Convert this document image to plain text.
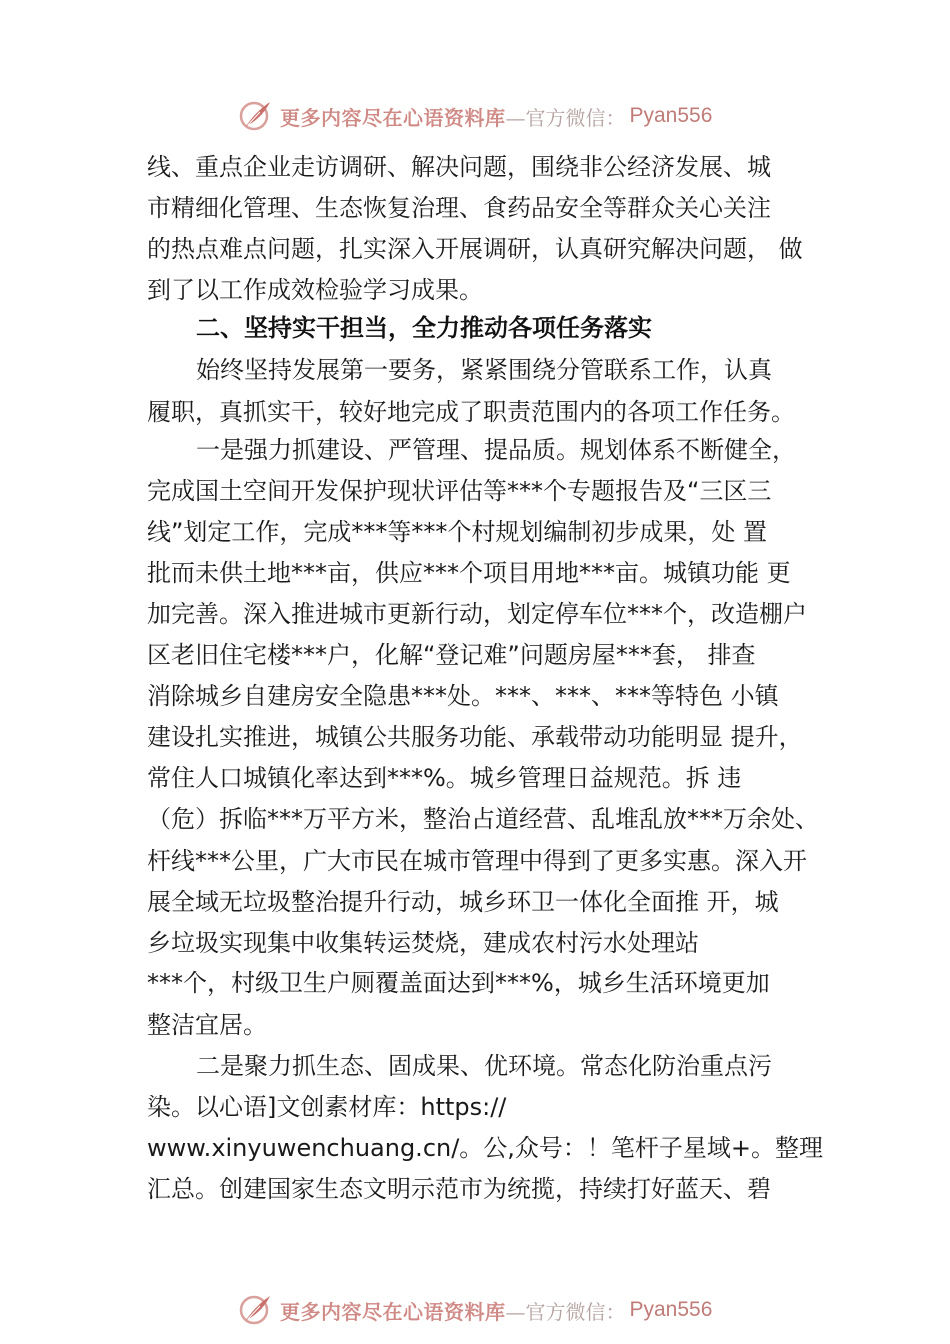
更多内容尽在心语资料库 —官方微信： Pyan556
线、重点企业走访调研、解决问题，围绕非公经济发展、城
市精细化管理、生态恢复治理、食药品安全等群众关心关注
的热点难点问题，扎实深入开展调研，认真研究解决问题， 做
到了以工作成效检验学习成果。
二、坚持实干担当，全力推动各项任务落实
始终坚持发展第一要务，紧紧围绕分管联系工作，认真
履职，真抓实干，较好地完成了职责范围内的各项工作任务。
一是强力抓建设、严管理、提品质。规划体系不断健全，
完成国土空间开发保护现状评估等***个专题报告及“三区三
线”划定工作，完成***等***个村规划编制初步成果，处 置
批而未供土地***亩，供应***个项目用地***亩。城镇功能 更
加完善。深入推进城市更新行动，划定停车位***个，改造棚户
区老旧住宅楼***户，化解“登记难”问题房屋***套， 排查
消除城乡自建房安全隐患***处。***、***、***等特色 小镇
建设扎实推进，城镇公共服务功能、承载带动功能明显 提升，
常住人口城镇化率达到***%。城乡管理日益规范。拆 违
（危）拆临***万平方米，整治占道经营、乱堆乱放***万余处、
杆线***公里，广大市民在城市管理中得到了更多实惠。深入开
展全域无垃圾整治提升行动，城乡环卫一体化全面推 开，城
乡垃圾实现集中收集转运焚烧，建成农村污水处理站
***个，村级卫生户厕覆盖面达到***%，城乡生活环境更加
整洁宜居。
二是聚力抓生态、固成果、优环境。常态化防治重点污
染。以心语]文创素材库：https://
www.xinyuwenchuang.cn/。公,众号：！笔杆子星域+。整理
汇总。创建国家生态文明示范市为统揽，持续打好蓝天、碧
更多内容尽在心语资料库 —官方微信： Pyan556
